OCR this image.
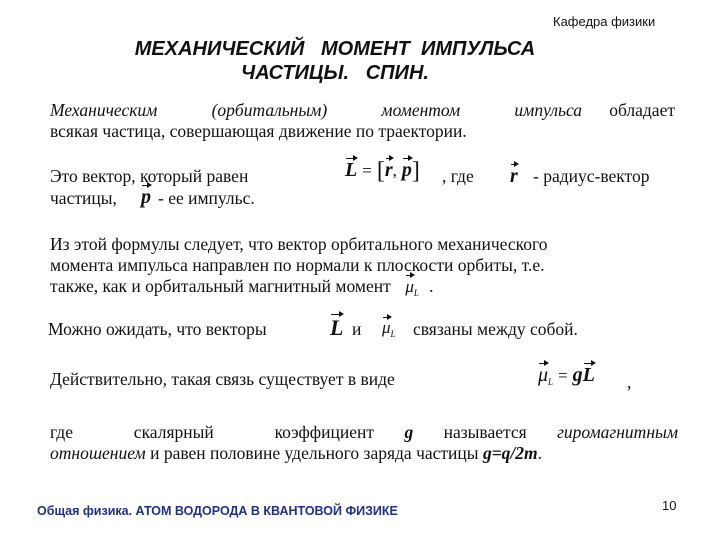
Кафедра физики
МЕХАНИЧЕСКИЙ   МОМЕНТ  ИМПУЛЬСА
ЧАСТИЦЫ.   СПИН.
Механическим  (орбитальным)  моментом  импульса обладает
всякая частица, совершающая движение по траектории.
Это вектор, который равен	L = [r, p] , где r - радиус-вектор
частицы, p - ее импульс.
Из этой формулы следует, что вектор орбитального механического
момента импульса направлен по нормали к плоскости орбиты, т.е.
также, как и орбитальный магнитный момент $\mu_L$ .
Можно ожидать, что векторы	L и $\mu_L$ связаны между собой.
Действительно, такая связь существует в виде	$\mu_L$ = gL ,
где  скалярный  коэффициент g называется гиромагнитным
отношением и равен половине удельного заряда частицы g=q/2m.
Общая физика. АТОМ ВОДОРОДА В КВАНТОВОЙ ФИЗИКЕ	10
